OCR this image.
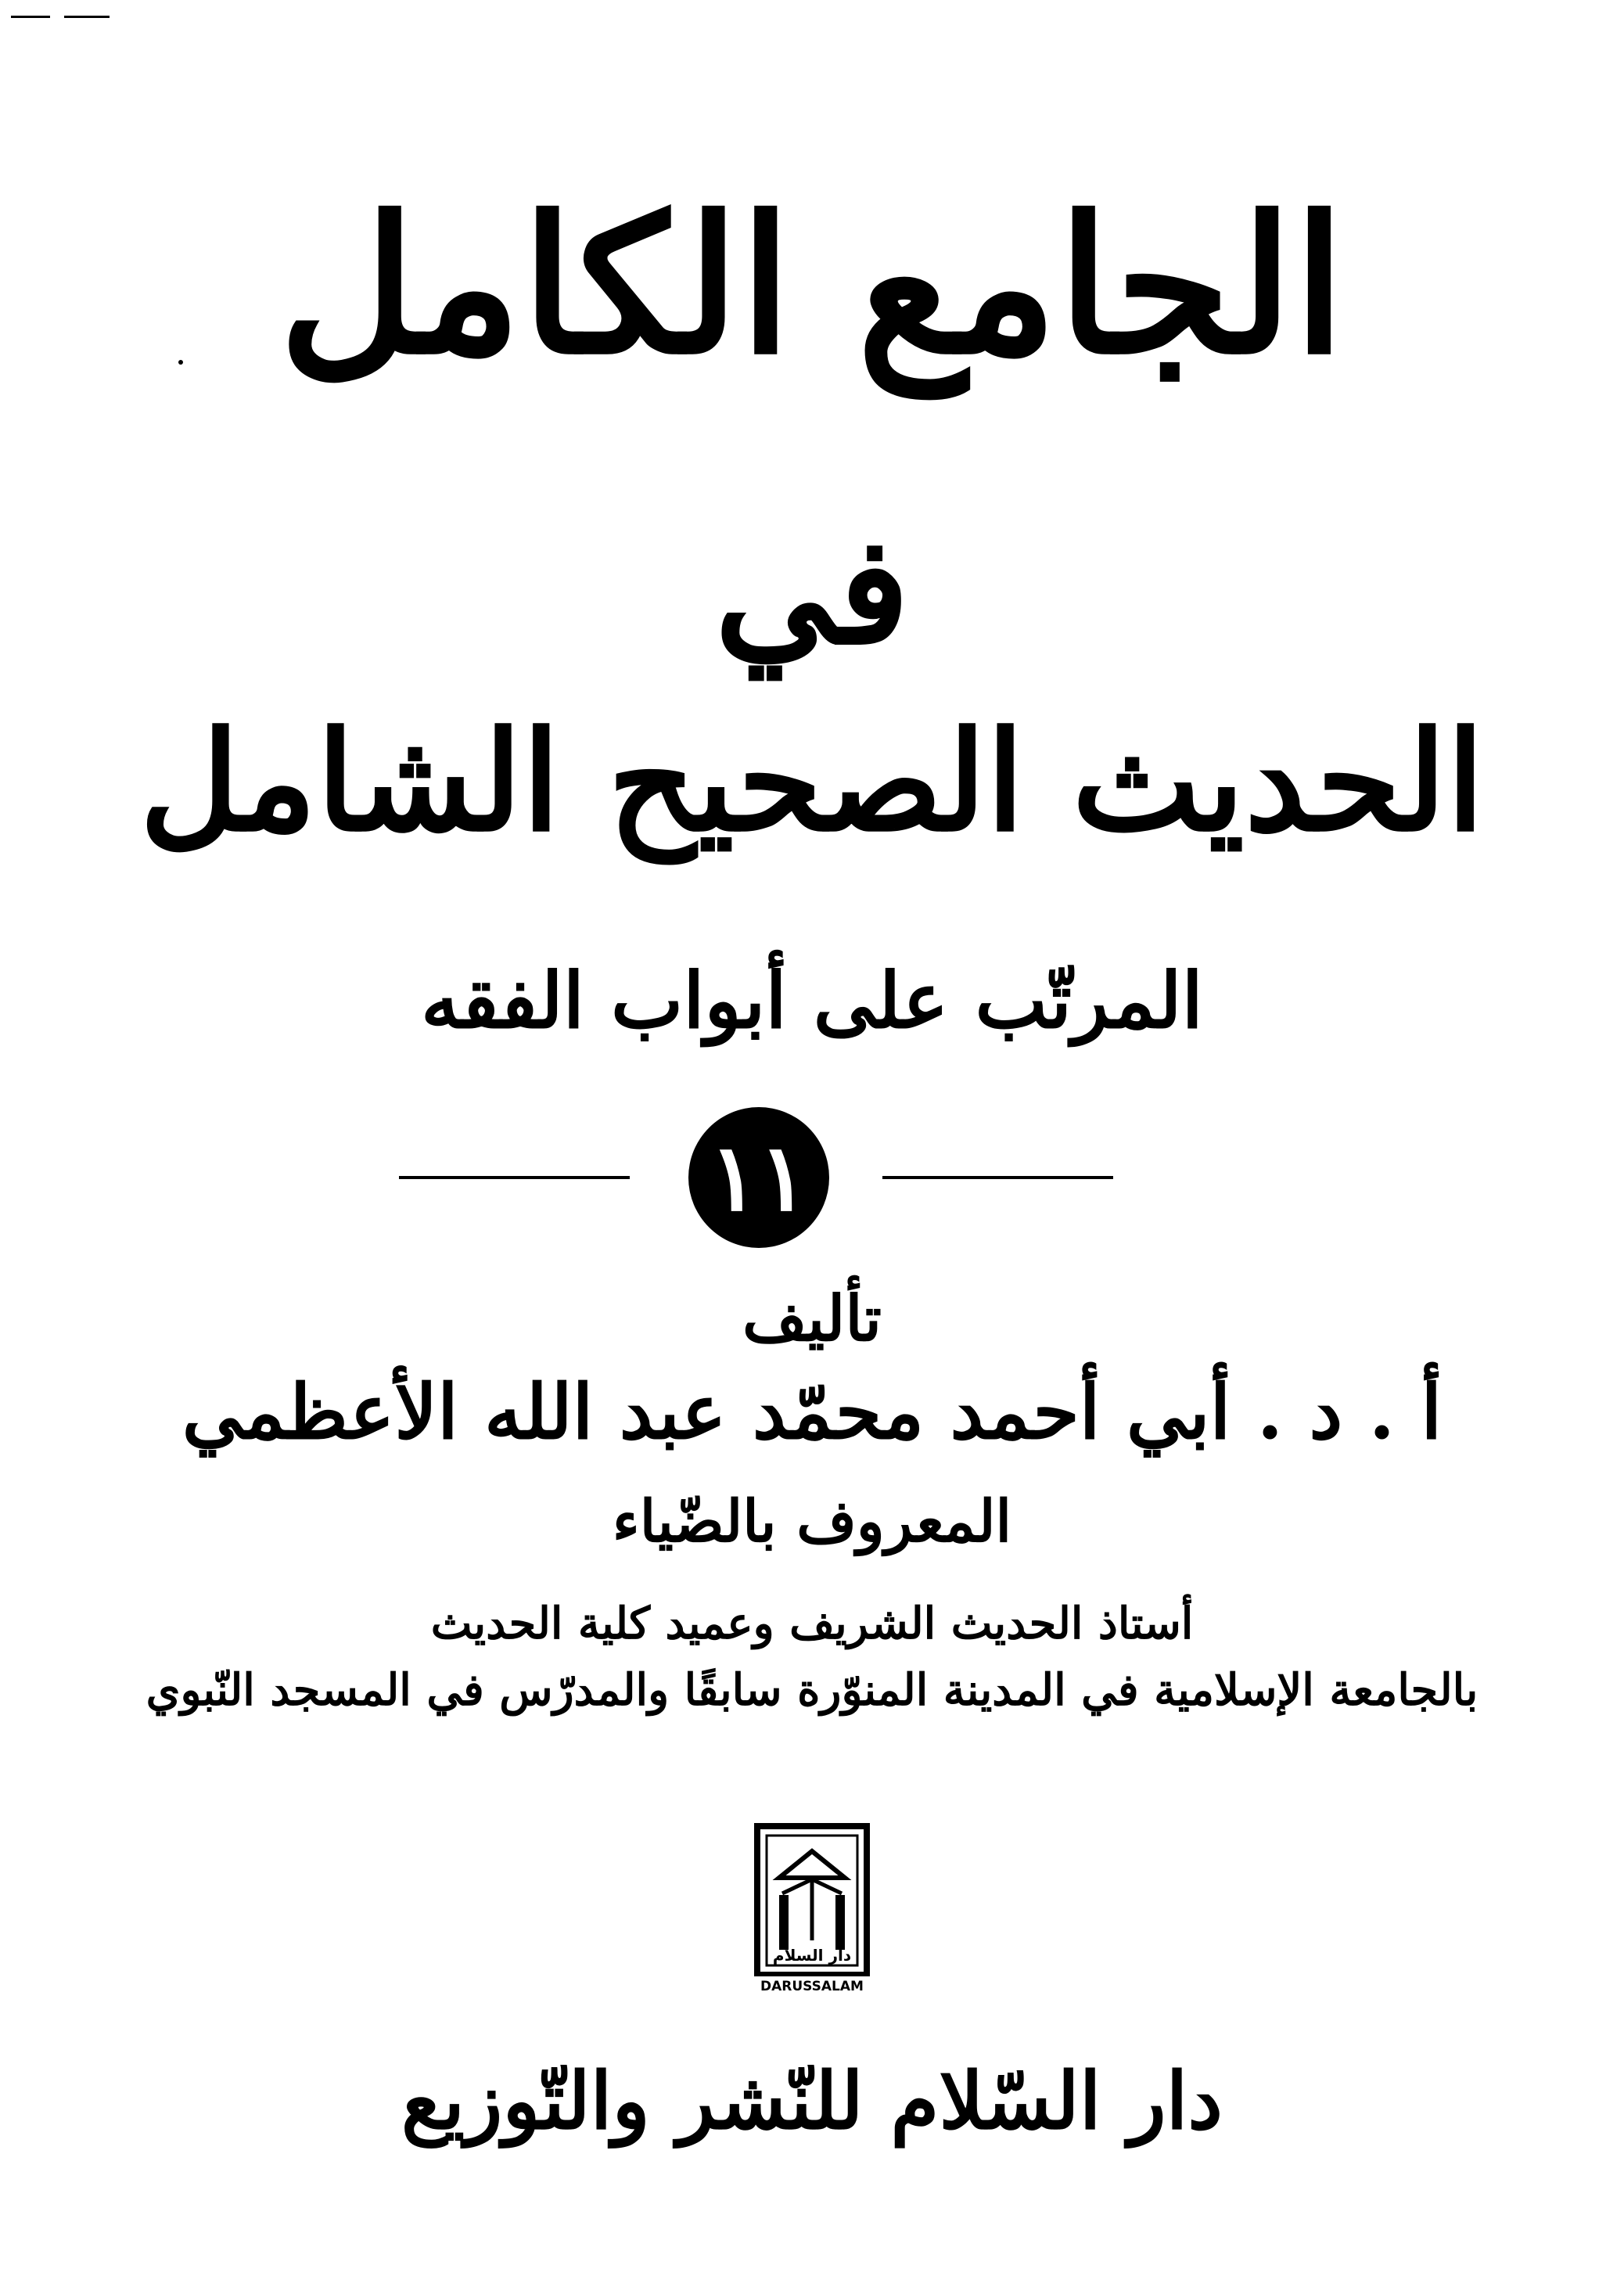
الجامع الكامل
في
الحديث الصحيح الشامل
المرتّب على أبواب الفقه
١١
تأليف
أ . د . أبي أحمد محمّد عبد الله الأعظمي
المعروف بالضّياء
أستاذ الحديث الشريف وعميد كلية الحديث
بالجامعة الإسلامية في المدينة المنوّرة سابقًا والمدرّس في المسجد النّبوي
دار السلام
DARUSSALAM
دار السّلام للنّشر والتّوزيع
